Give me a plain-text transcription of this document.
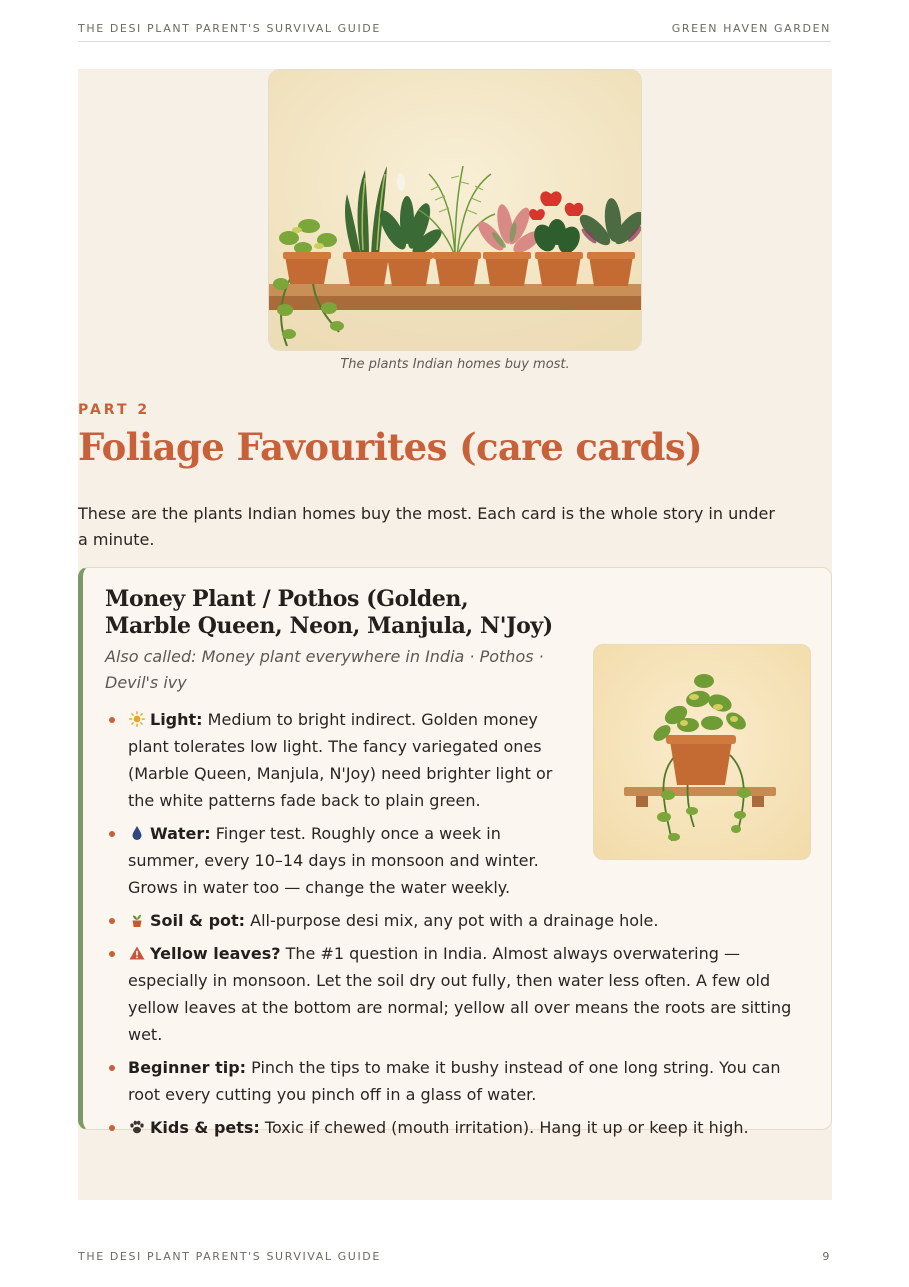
THE DESI PLANT PARENT'S SURVIVAL GUIDE	GREEN HAVEN GARDEN
The plants Indian homes buy most.
PART 2
Foliage Favourites (care cards)

These are the plants Indian homes buy the most. Each card is the whole story in under a minute.

Money Plant / Pothos (Golden,
Marble Queen, Neon, Manjula, N'Joy)

Also called: Money plant everywhere in India · Pothos · Devil's ivy

Light: Medium to bright indirect. Golden money plant tolerates low light. The fancy variegated ones (Marble Queen, Manjula, N'Joy) need brighter light or the white patterns fade back to plain green.
Water: Finger test. Roughly once a week in summer, every 10–14 days in monsoon and winter. Grows in water too — change the water weekly.
Soil & pot: All-purpose desi mix, any pot with a drainage hole.
Yellow leaves? The #1 question in India. Almost always overwatering — especially in monsoon. Let the soil dry out fully, then water less often. A few old yellow leaves at the bottom are normal; yellow all over means the roots are sitting wet.
Beginner tip: Pinch the tips to make it bushy instead of one long string. You can root every cutting you pinch off in a glass of water.
Kids & pets: Toxic if chewed (mouth irritation). Hang it up or keep it high.
THE DESI PLANT PARENT'S SURVIVAL GUIDE	9
